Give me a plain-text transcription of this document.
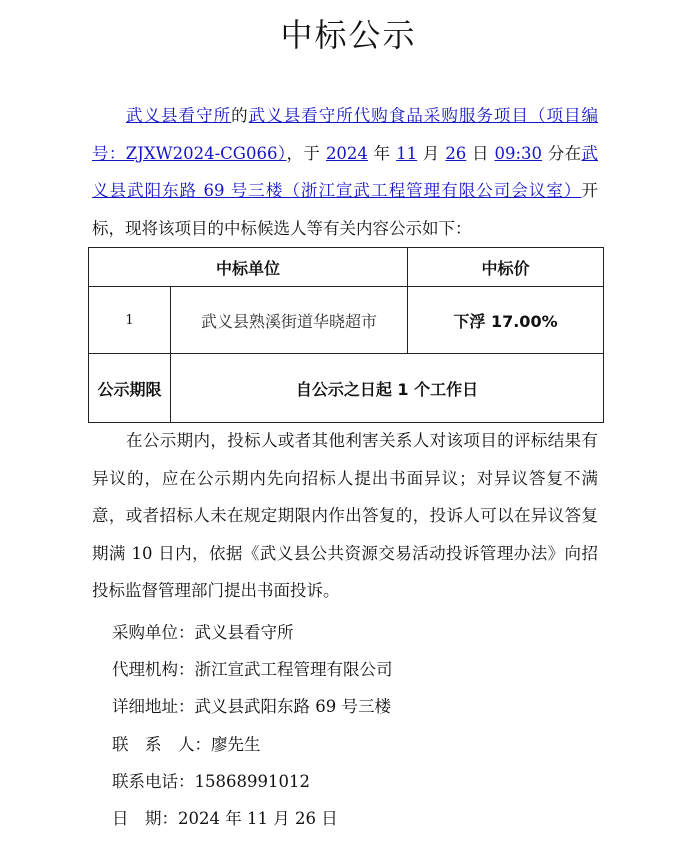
中标公示
武义县看守所的武义县看守所代购食品采购服务项目（项目编号：ZJXW2024-CG066），于 2024 年 11 月 26 日 09:30 分在武义县武阳东路 69 号三楼（浙江宣武工程管理有限公司会议室）开标，现将该项目的中标候选人等有关内容公示如下：
中标单位		中标价
1	武义县熟溪街道华晓超市	下浮 17.00%
公示期限	自公示之日起 1 个工作日	
在公示期内，投标人或者其他利害关系人对该项目的评标结果有异议的，应在公示期内先向招标人提出书面异议；对异议答复不满意，或者招标人未在规定期限内作出答复的，投诉人可以在异议答复期满 10 日内，依据《武义县公共资源交易活动投诉管理办法》向招投标监督管理部门提出书面投诉。
采购单位：武义县看守所
代理机构：浙江宣武工程管理有限公司
详细地址：武义县武阳东路 69 号三楼
联　系　人：廖先生
联系电话：15868991012
日　期：2024 年 11 月 26 日
